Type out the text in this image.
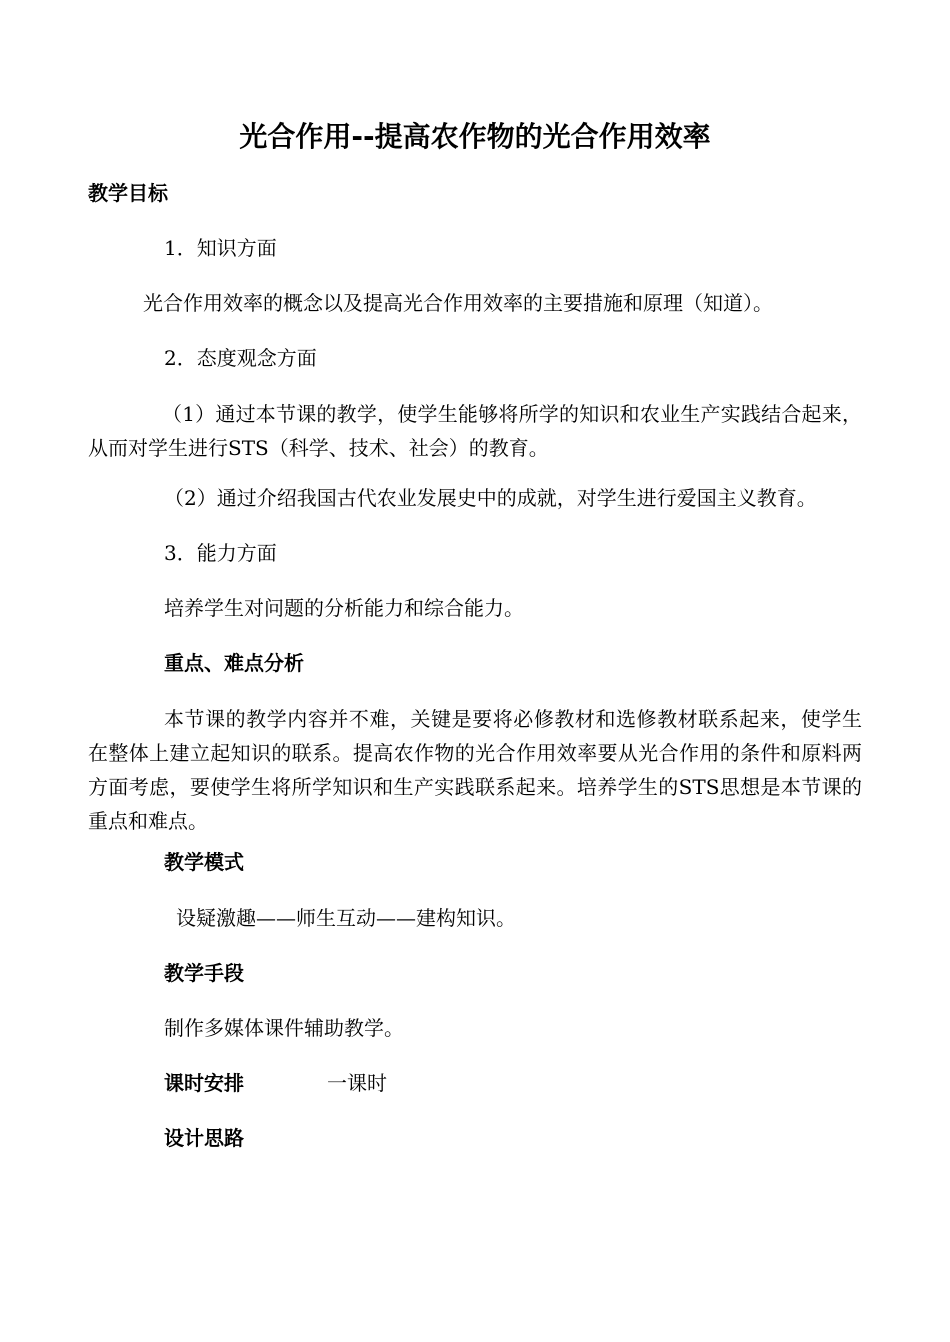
光合作用--提高农作物的光合作用效率
教学目标
1．知识方面
光合作用效率的概念以及提高光合作用效率的主要措施和原理（知道）。
2．态度观念方面
（1）通过本节课的教学，使学生能够将所学的知识和农业生产实践结合起来，从而对学生进行STS（科学、技术、社会）的教育。
（2）通过介绍我国古代农业发展史中的成就，对学生进行爱国主义教育。
3．能力方面
培养学生对问题的分析能力和综合能力。
重点、难点分析
本节课的教学内容并不难，关键是要将必修教材和选修教材联系起来，使学生在整体上建立起知识的联系。提高农作物的光合作用效率要从光合作用的条件和原料两方面考虑，要使学生将所学知识和生产实践联系起来。培养学生的STS思想是本节课的重点和难点。
教学模式
设疑激趣——师生互动——建构知识。
教学手段
制作多媒体课件辅助教学。
课时安排	一课时
设计思路
